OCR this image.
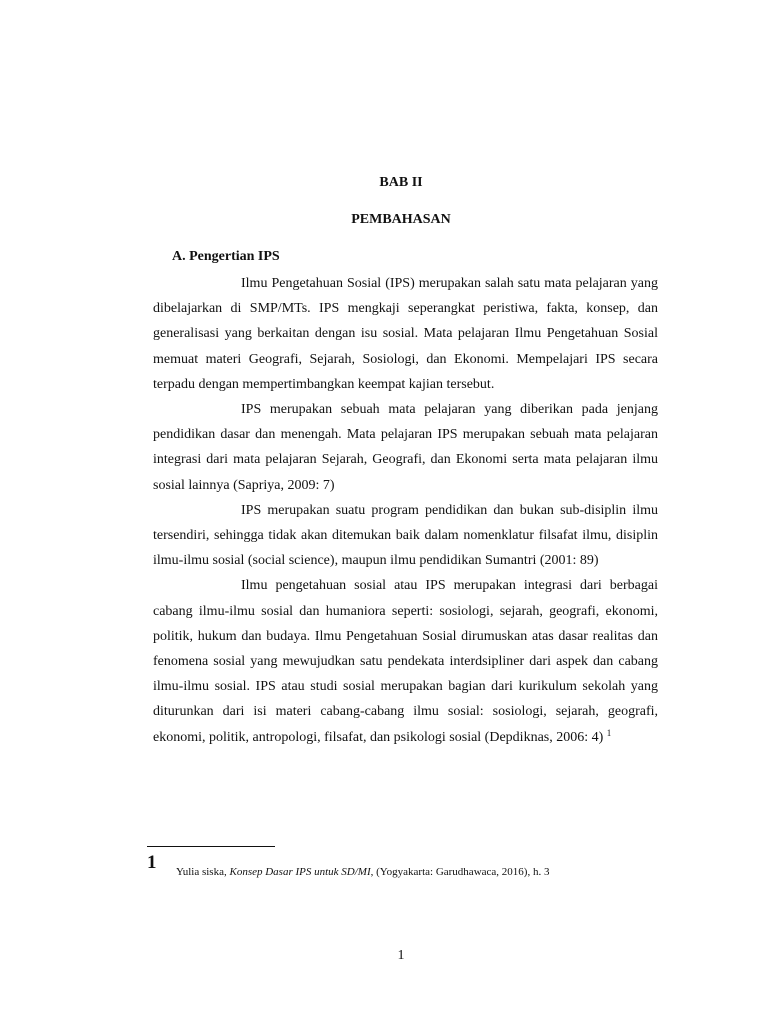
BAB II
PEMBAHASAN
A. Pengertian IPS

Ilmu Pengetahuan Sosial (IPS) merupakan salah satu mata pelajaran yang dibelajarkan di SMP/MTs. IPS mengkaji seperangkat peristiwa, fakta, konsep, dan generalisasi yang berkaitan dengan isu sosial. Mata pelajaran Ilmu Pengetahuan Sosial memuat materi Geografi, Sejarah, Sosiologi, dan Ekonomi. Mempelajari IPS secara terpadu dengan mempertimbangkan keempat kajian tersebut.

IPS merupakan sebuah mata pelajaran yang diberikan pada jenjang pendidikan dasar dan menengah. Mata pelajaran IPS merupakan sebuah mata pelajaran integrasi dari mata pelajaran Sejarah, Geografi, dan Ekonomi serta mata pelajaran ilmu sosial lainnya (Sapriya, 2009: 7)

IPS merupakan suatu program pendidikan dan bukan sub-disiplin ilmu tersendiri, sehingga tidak akan ditemukan baik dalam nomenklatur filsafat ilmu, disiplin ilmu-ilmu sosial (social science), maupun ilmu pendidikan Sumantri (2001: 89)

Ilmu pengetahuan sosial atau IPS merupakan integrasi dari berbagai cabang ilmu-ilmu sosial dan humaniora seperti: sosiologi, sejarah, geografi, ekonomi, politik, hukum dan budaya. Ilmu Pengetahuan Sosial dirumuskan atas dasar realitas dan fenomena sosial yang mewujudkan satu pendekata interdsipliner dari aspek dan cabang ilmu-ilmu sosial. IPS atau studi sosial merupakan bagian dari kurikulum sekolah yang diturunkan dari isi materi cabang-cabang ilmu sosial: sosiologi, sejarah, geografi, ekonomi, politik, antropologi, filsafat, dan psikologi sosial (Depdiknas, 2006: 4) $^1$

1 Yulia siska, Konsep Dasar IPS untuk SD/MI, (Yogyakarta: Garudhawaca, 2016), h. 3
1
